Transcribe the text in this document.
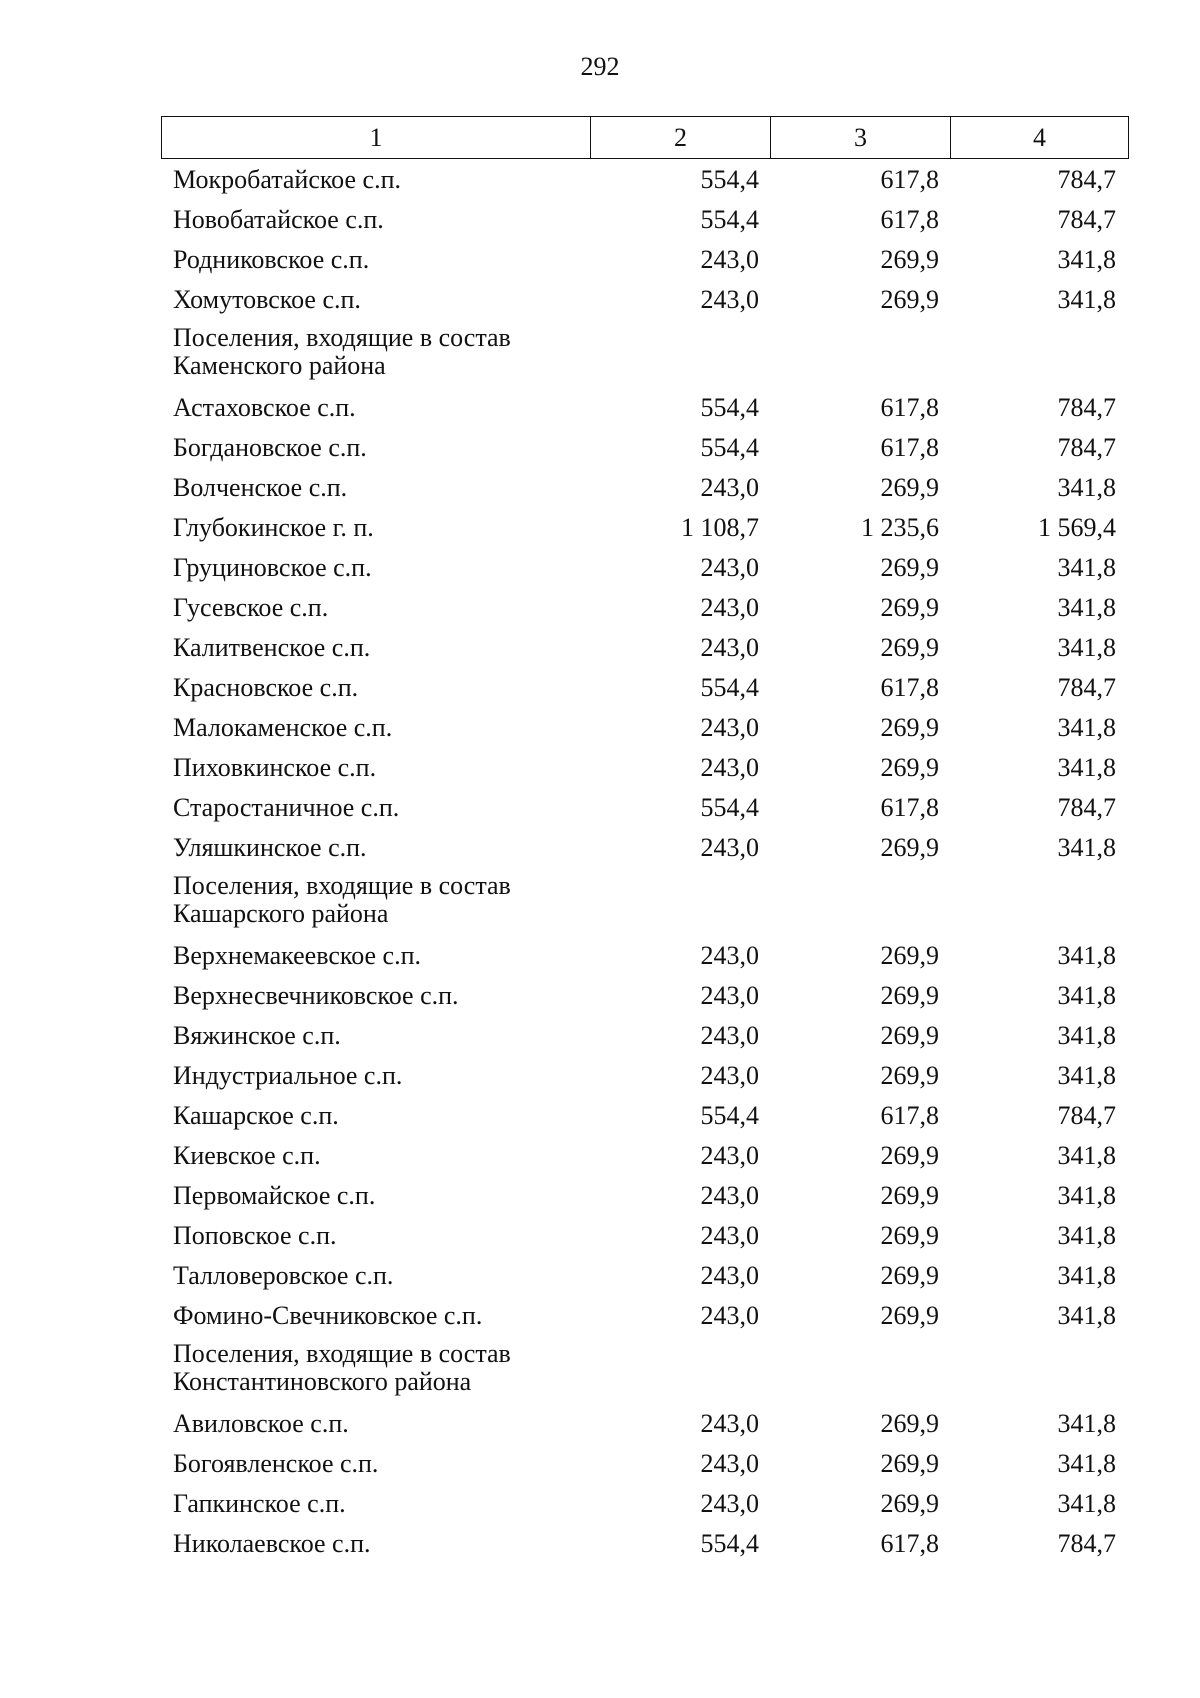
292
1	2	3	4
Мокробатайское с.п.	554,4	617,8	784,7
Новобатайское с.п.	554,4	617,8	784,7
Родниковское с.п.	243,0	269,9	341,8
Хомутовское с.п.	243,0	269,9	341,8
Поселения, входящие в состав
Каменского района
Астаховское с.п.	554,4	617,8	784,7
Богдановское с.п.	554,4	617,8	784,7
Волченское с.п.	243,0	269,9	341,8
Глубокинское г. п.	1 108,7	1 235,6	1 569,4
Груциновское с.п.	243,0	269,9	341,8
Гусевское с.п.	243,0	269,9	341,8
Калитвенское с.п.	243,0	269,9	341,8
Красновское с.п.	554,4	617,8	784,7
Малокаменское с.п.	243,0	269,9	341,8
Пиховкинское с.п.	243,0	269,9	341,8
Старостаничное с.п.	554,4	617,8	784,7
Уляшкинское с.п.	243,0	269,9	341,8
Поселения, входящие в состав
Кашарского района
Верхнемакеевское с.п.	243,0	269,9	341,8
Верхнесвечниковское с.п.	243,0	269,9	341,8
Вяжинское с.п.	243,0	269,9	341,8
Индустриальное с.п.	243,0	269,9	341,8
Кашарское с.п.	554,4	617,8	784,7
Киевское с.п.	243,0	269,9	341,8
Первомайское с.п.	243,0	269,9	341,8
Поповское с.п.	243,0	269,9	341,8
Талловеровское с.п.	243,0	269,9	341,8
Фомино-Свечниковское с.п.	243,0	269,9	341,8
Поселения, входящие в состав
Константиновского района
Авиловское с.п.	243,0	269,9	341,8
Богоявленское с.п.	243,0	269,9	341,8
Гапкинское с.п.	243,0	269,9	341,8
Николаевское с.п.	554,4	617,8	784,7
